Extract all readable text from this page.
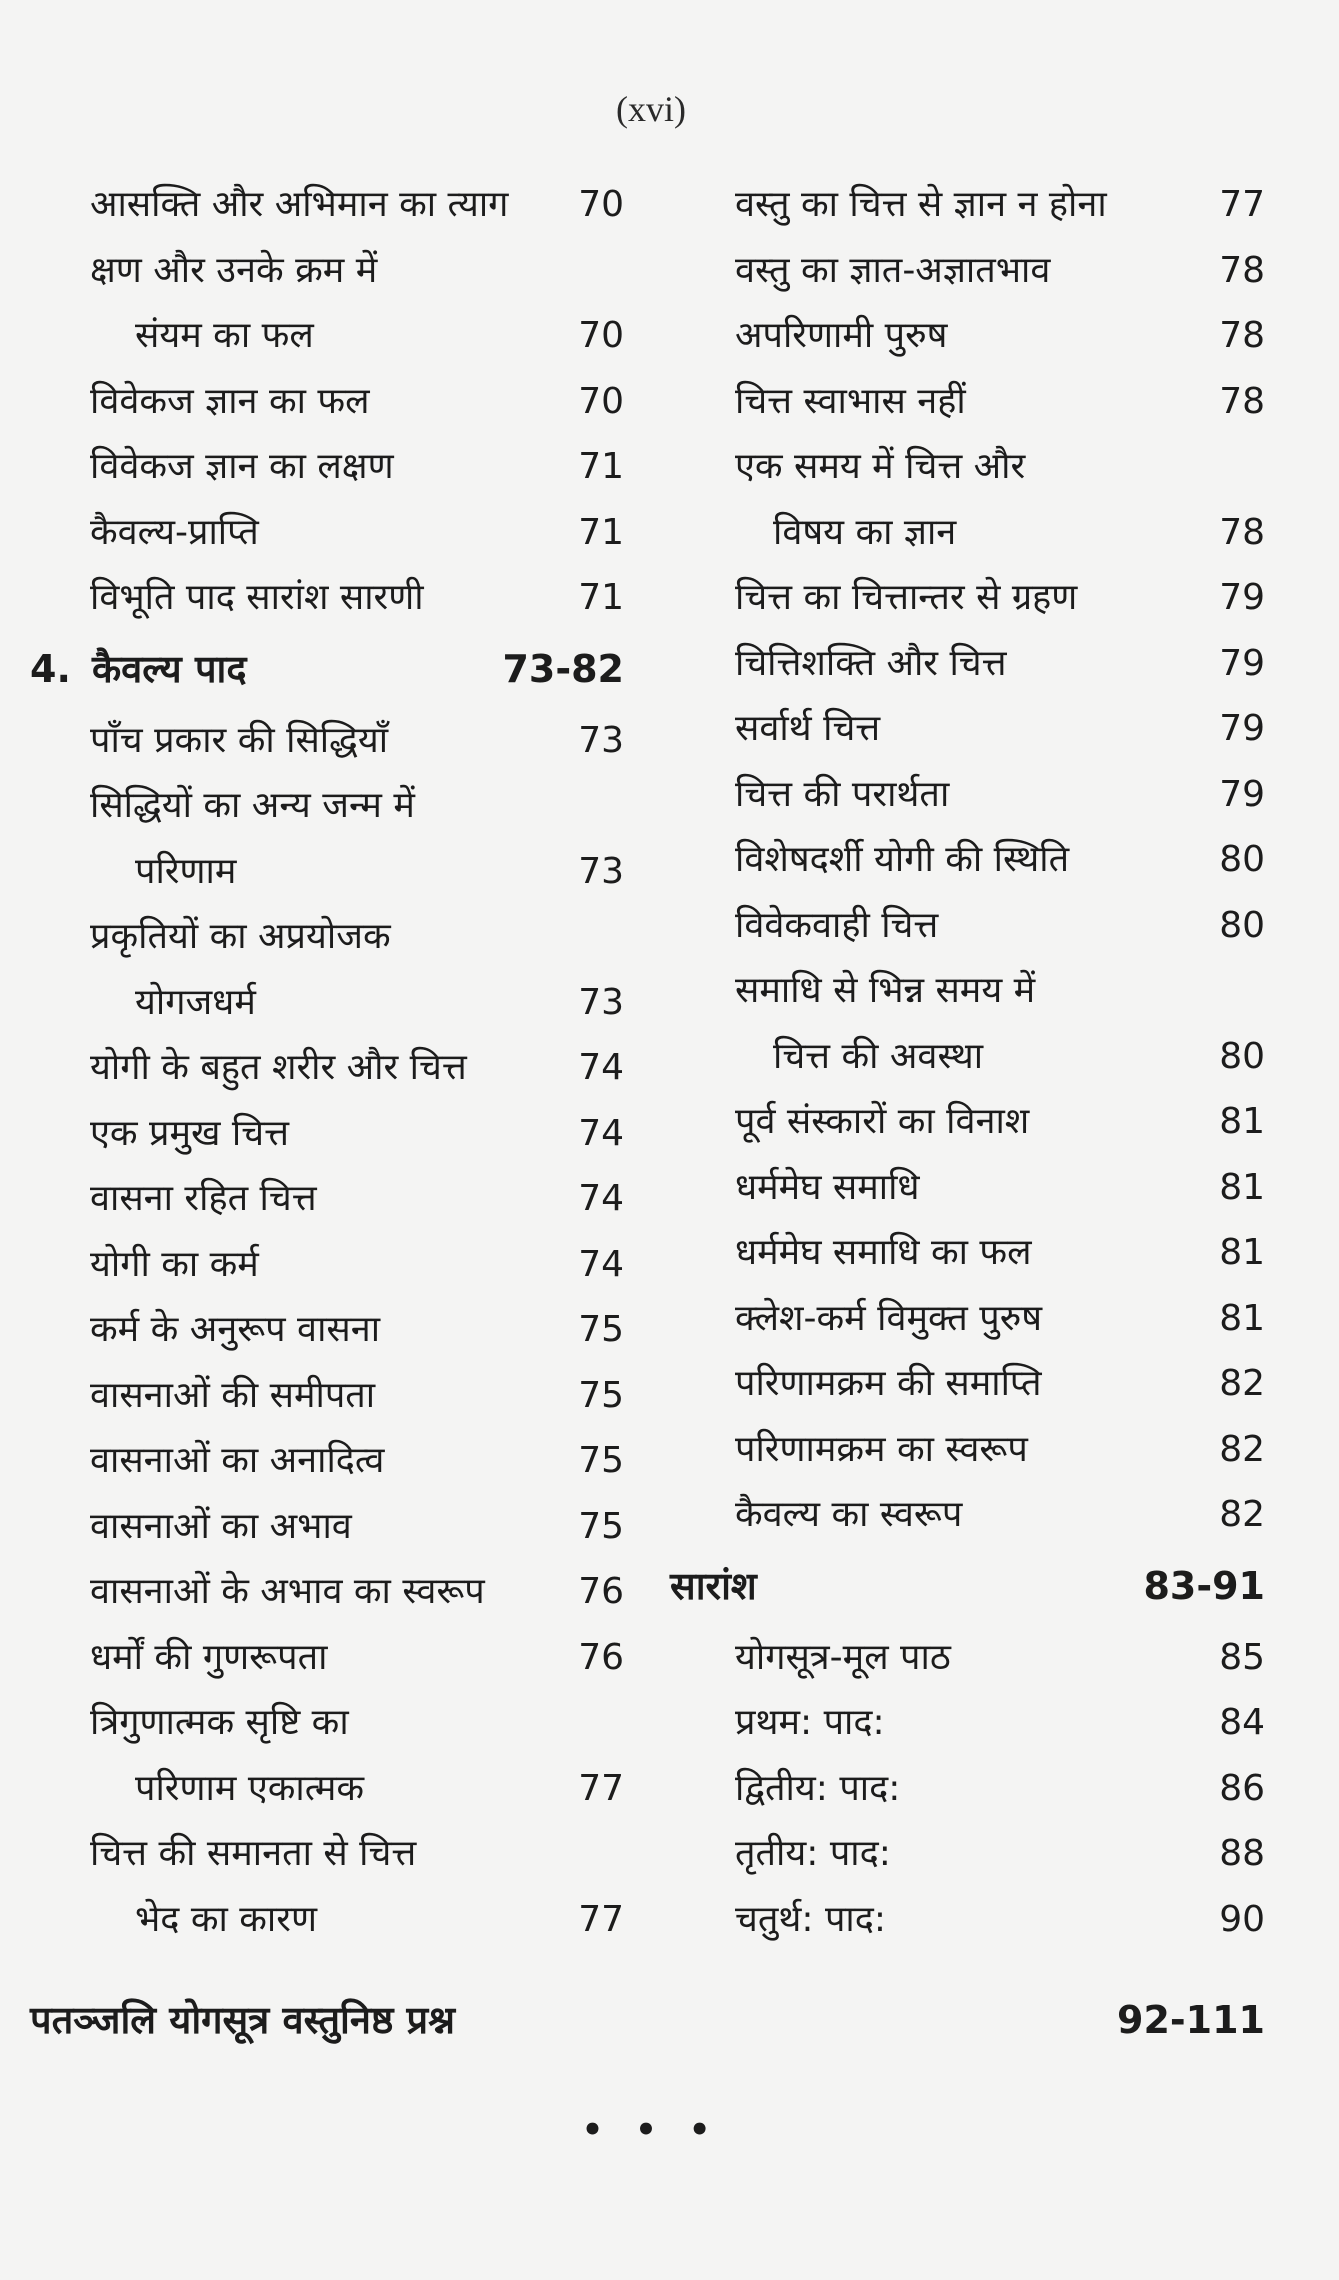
(xvi)
आसक्ति और अभिमान का त्याग 70
क्षण और उनके क्रम में
संयम का फल	70
विवेकज ज्ञान का फल	70
विवेकज ज्ञान का लक्षण	71
कैवल्य-प्राप्ति	71
विभूति पाद सारांश सारणी	71
4. कैवल्य पाद	73-82
पाँच प्रकार की सिद्धियाँ	73
सिद्धियों का अन्य जन्म में
परिणाम	73
प्रकृतियों का अप्रयोजक
योगजधर्म	73
योगी के बहुत शरीर और चित्त	74
एक प्रमुख चित्त	74
वासना रहित चित्त	74
योगी का कर्म	74
कर्म के अनुरूप वासना	75
वासनाओं की समीपता	75
वासनाओं का अनादित्व	75
वासनाओं का अभाव	75
वासनाओं के अभाव का स्वरूप	76
धर्मों की गुणरूपता	76
त्रिगुणात्मक सृष्टि का
परिणाम एकात्मक	77
चित्त की समानता से चित्त
भेद का कारण	77
वस्तु का चित्त से ज्ञान न होना	77
वस्तु का ज्ञात-अज्ञातभाव	78
अपरिणामी पुरुष	78
चित्त स्वाभास नहीं	78
एक समय में चित्त और
विषय का ज्ञान	78
चित्त का चित्तान्तर से ग्रहण	79
चित्तिशक्ति और चित्त	79
सर्वार्थ चित्त	79
चित्त की परार्थता	79
विशेषदर्शी योगी की स्थिति	80
विवेकवाही चित्त	80
समाधि से भिन्न समय में
चित्त की अवस्था	80
पूर्व संस्कारों का विनाश	81
धर्ममेघ समाधि	81
धर्ममेघ समाधि का फल	81
क्लेश-कर्म विमुक्त पुरुष	81
परिणामक्रम की समाप्ति	82
परिणामक्रम का स्वरूप	82
कैवल्य का स्वरूप	82
सारांश	83-91
योगसूत्र-मूल पाठ	85
प्रथम: पाद:	84
द्वितीय: पाद:	86
तृतीय: पाद:	88
चतुर्थ: पाद:	90
पतञ्जलि योगसूत्र वस्तुनिष्ठ प्रश्न	92-111
• • •
